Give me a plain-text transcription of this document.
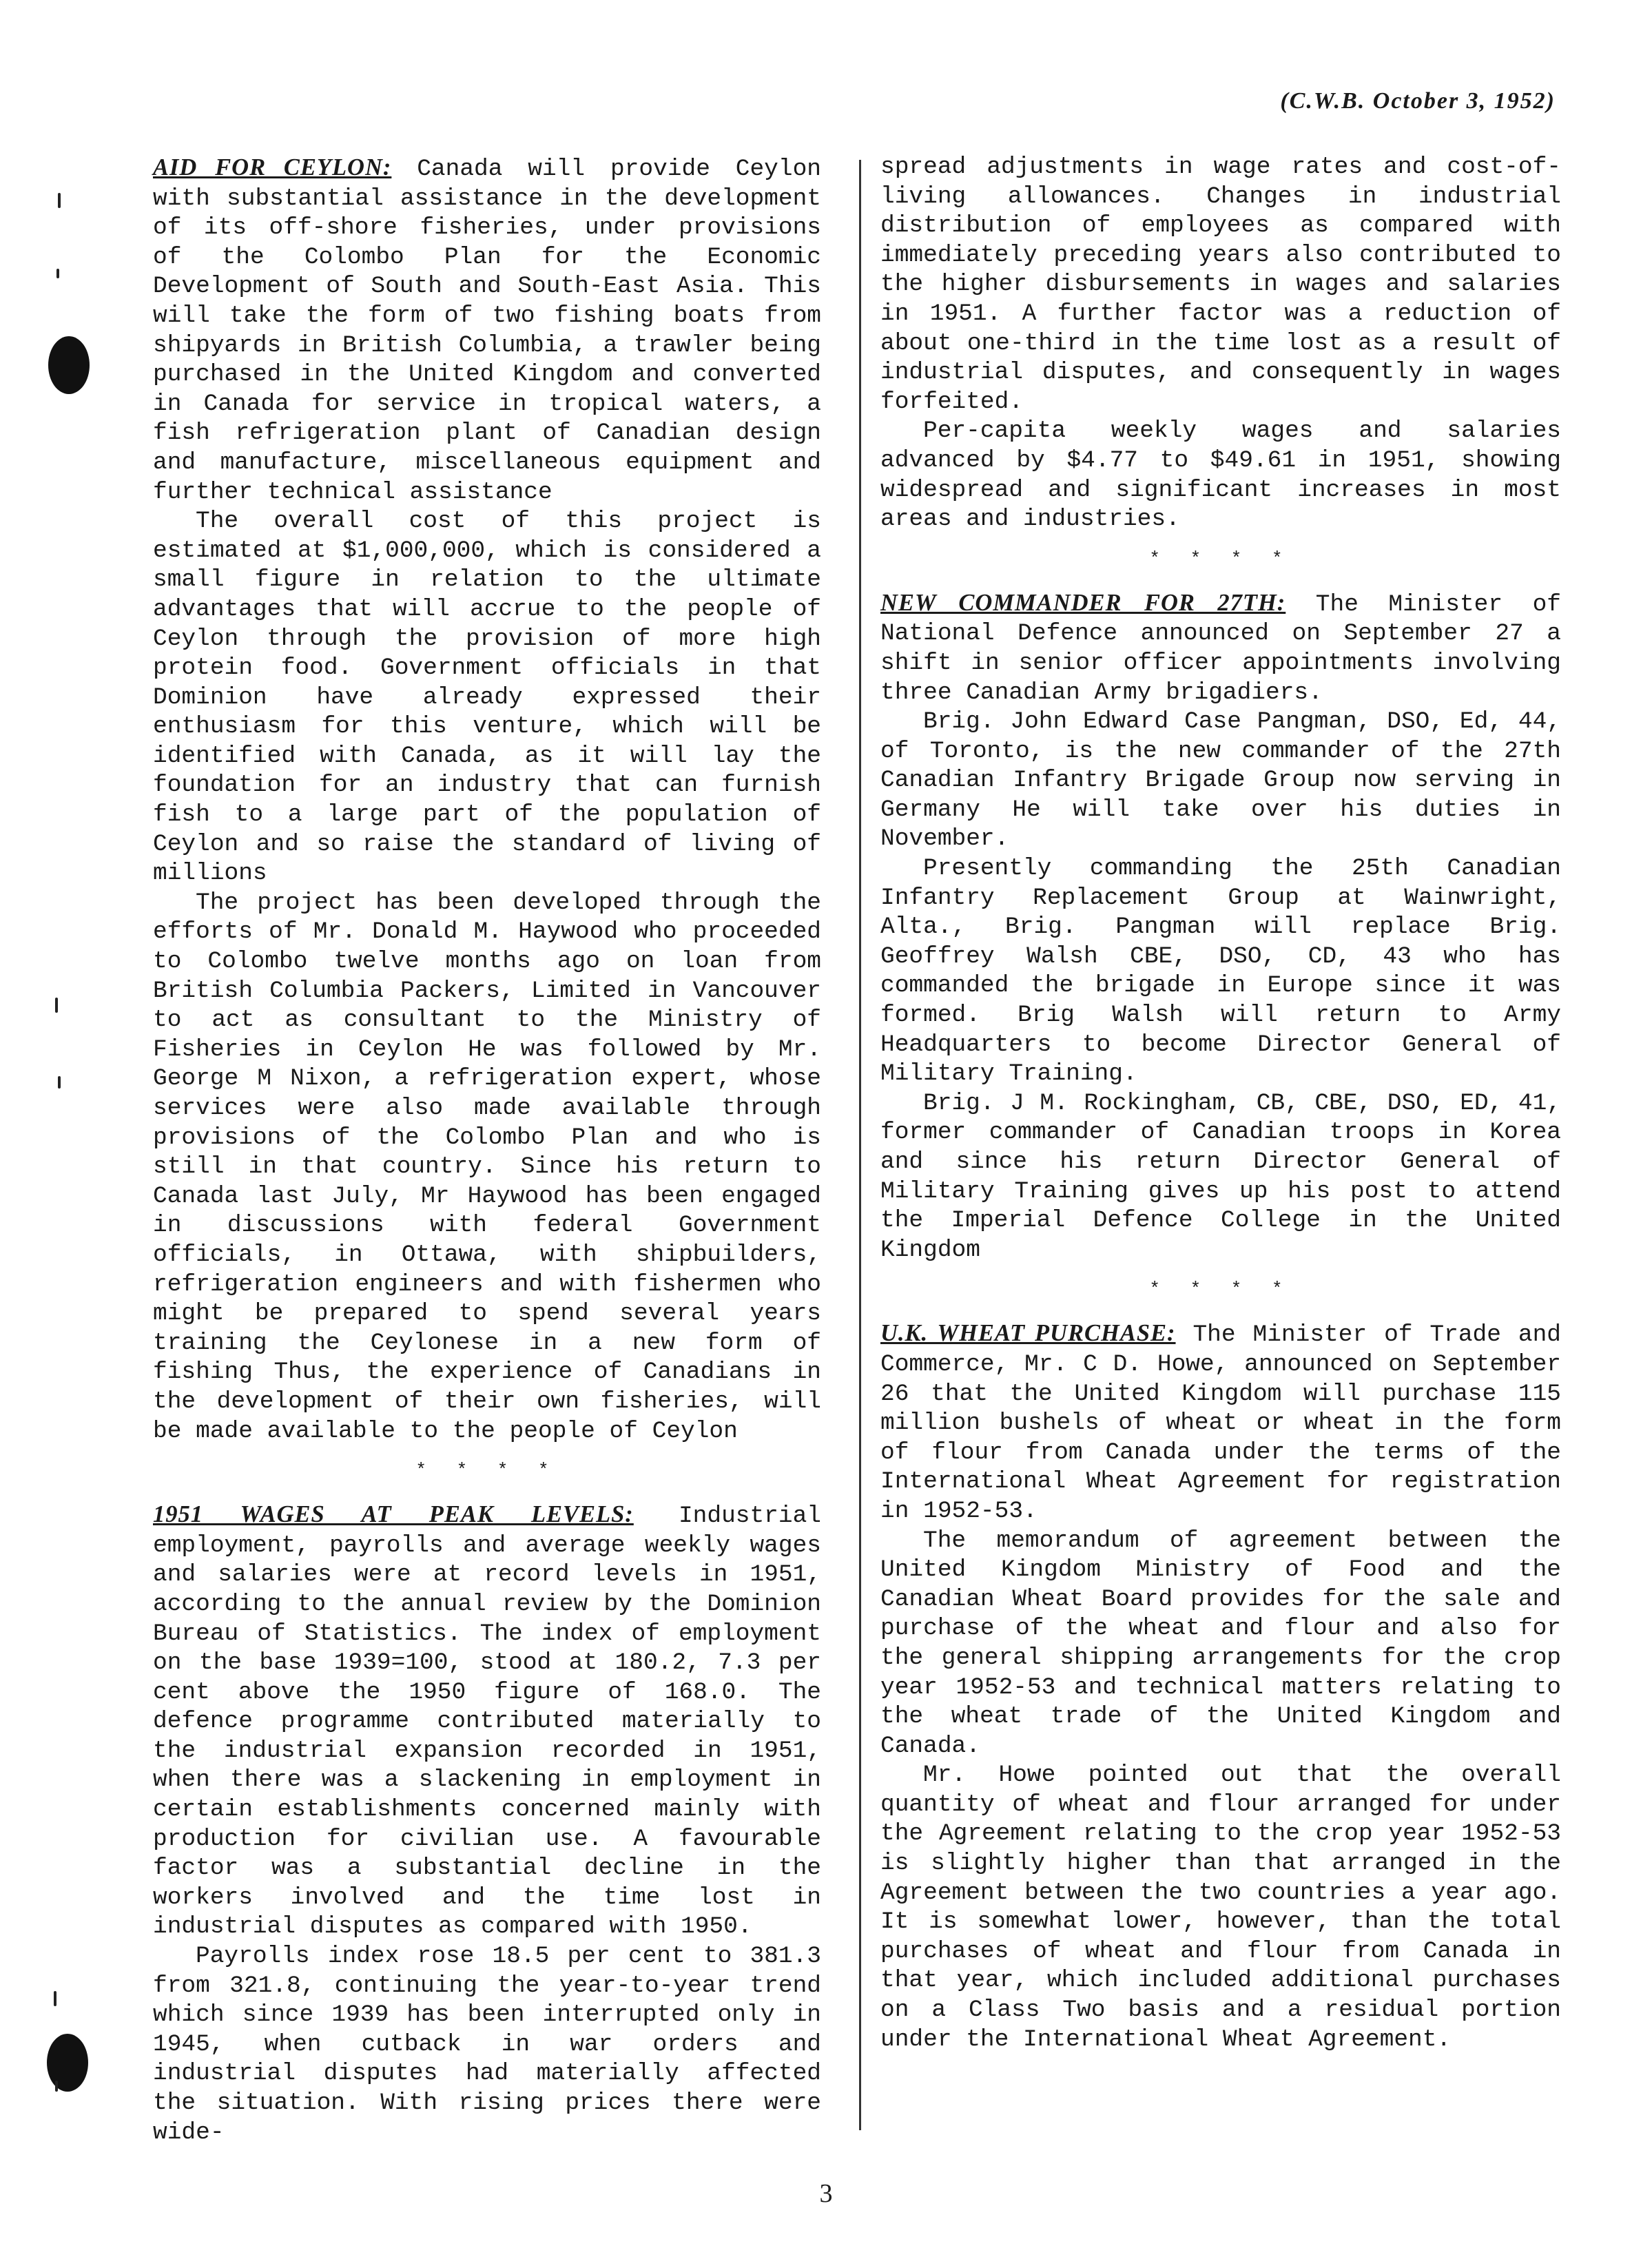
(C.W.B. October 3, 1952)

AID FOR CEYLON: Canada will provide Ceylon with substantial assistance in the development of its off-shore fisheries, under provisions of the Colombo Plan for the Economic Development of South and South-East Asia. This will take the form of two fishing boats from shipyards in British Columbia, a trawler being purchased in the United Kingdom and converted in Canada for service in tropical waters, a fish refrigeration plant of Canadian design and manufacture, miscellaneous equipment and further technical assistance

The overall cost of this project is estimated at $1,000,000, which is considered a small figure in relation to the ultimate advantages that will accrue to the people of Ceylon through the provision of more high protein food. Government officials in that Dominion have already expressed their enthusiasm for this venture, which will be identified with Canada, as it will lay the foundation for an industry that can furnish fish to a large part of the population of Ceylon and so raise the standard of living of millions

The project has been developed through the efforts of Mr. Donald M. Haywood who proceeded to Colombo twelve months ago on loan from British Columbia Packers, Limited in Vancouver to act as consultant to the Ministry of Fisheries in Ceylon He was followed by Mr. George M Nixon, a refrigeration expert, whose services were also made available through provisions of the Colombo Plan and who is still in that country. Since his return to Canada last July, Mr Haywood has been engaged in discussions with federal Government officials, in Ottawa, with shipbuilders, refrigeration engineers and with fishermen who might be prepared to spend several years training the Ceylonese in a new form of fishing Thus, the experience of Canadians in the development of their own fisheries, will be made available to the people of Ceylon

* * * *

1951 WAGES AT PEAK LEVELS: Industrial employment, payrolls and average weekly wages and salaries were at record levels in 1951, according to the annual review by the Dominion Bureau of Statistics. The index of employment on the base 1939=100, stood at 180.2, 7.3 per cent above the 1950 figure of 168.0. The defence programme contributed materially to the industrial expansion recorded in 1951, when there was a slackening in employment in certain establishments concerned mainly with production for civilian use. A favourable factor was a substantial decline in the workers involved and the time lost in industrial disputes as compared with 1950.

Payrolls index rose 18.5 per cent to 381.3 from 321.8, continuing the year-to-year trend which since 1939 has been interrupted only in 1945, when cutback in war orders and industrial disputes had materially affected the situation. With rising prices there were wide-

spread adjustments in wage rates and cost-of-living allowances. Changes in industrial distribution of employees as compared with immediately preceding years also contributed to the higher disbursements in wages and salaries in 1951. A further factor was a reduction of about one-third in the time lost as a result of industrial disputes, and consequently in wages forfeited.

Per-capita weekly wages and salaries advanced by $4.77 to $49.61 in 1951, showing widespread and significant increases in most areas and industries.

* * * *

NEW COMMANDER FOR 27TH: The Minister of National Defence announced on September 27 a shift in senior officer appointments involving three Canadian Army brigadiers.

Brig. John Edward Case Pangman, DSO, Ed, 44, of Toronto, is the new commander of the 27th Canadian Infantry Brigade Group now serving in Germany He will take over his duties in November.

Presently commanding the 25th Canadian Infantry Replacement Group at Wainwright, Alta., Brig. Pangman will replace Brig. Geoffrey Walsh CBE, DSO, CD, 43 who has commanded the brigade in Europe since it was formed. Brig Walsh will return to Army Headquarters to become Director General of Military Training.

Brig. J M. Rockingham, CB, CBE, DSO, ED, 41, former commander of Canadian troops in Korea and since his return Director General of Military Training gives up his post to attend the Imperial Defence College in the United Kingdom

* * * *

U.K. WHEAT PURCHASE: The Minister of Trade and Commerce, Mr. C D. Howe, announced on September 26 that the United Kingdom will purchase 115 million bushels of wheat or wheat in the form of flour from Canada under the terms of the International Wheat Agreement for registration in 1952-53.

The memorandum of agreement between the United Kingdom Ministry of Food and the Canadian Wheat Board provides for the sale and purchase of the wheat and flour and also for the general shipping arrangements for the crop year 1952-53 and technical matters relating to the wheat trade of the United Kingdom and Canada.

Mr. Howe pointed out that the overall quantity of wheat and flour arranged for under the Agreement relating to the crop year 1952-53 is slightly higher than that arranged in the Agreement between the two countries a year ago. It is somewhat lower, however, than the total purchases of wheat and flour from Canada in that year, which included additional purchases on a Class Two basis and a residual portion under the International Wheat Agreement.

3
